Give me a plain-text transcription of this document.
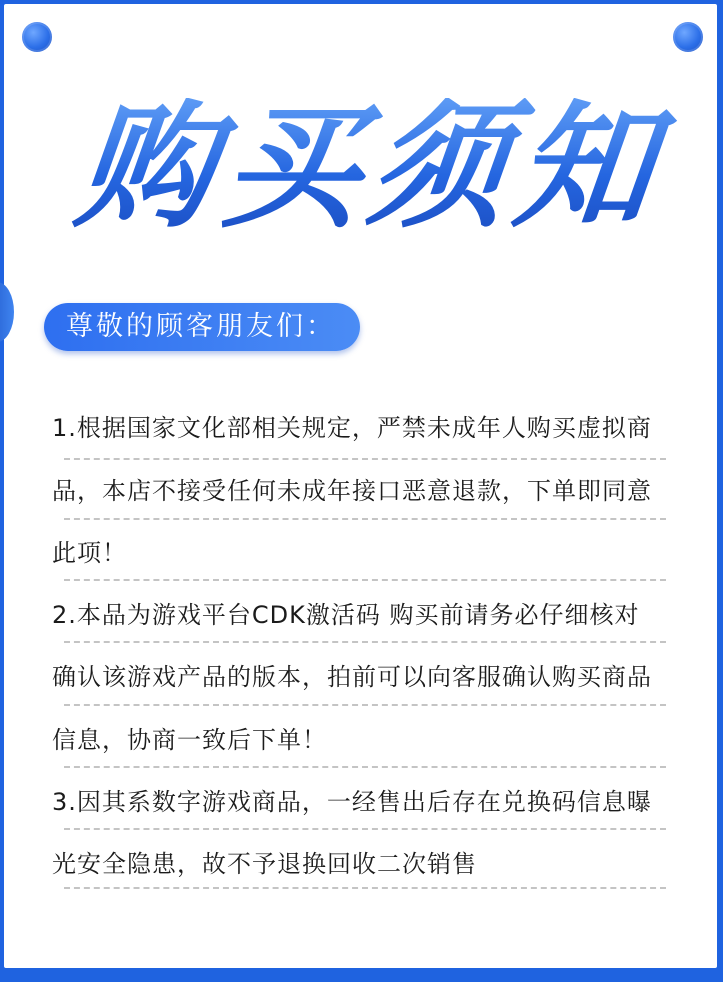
购买须知
尊敬的顾客朋友们：
1.根据国家文化部相关规定，严禁未成年人购买虚拟商
品，本店不接受任何未成年接口恶意退款，下单即同意
此项！
2.本品为游戏平台CDK激活码 购买前请务必仔细核对
确认该游戏产品的版本，拍前可以向客服确认购买商品
信息，协商一致后下单！
3.因其系数字游戏商品，一经售出后存在兑换码信息曝
光安全隐患，故不予退换回收二次销售
